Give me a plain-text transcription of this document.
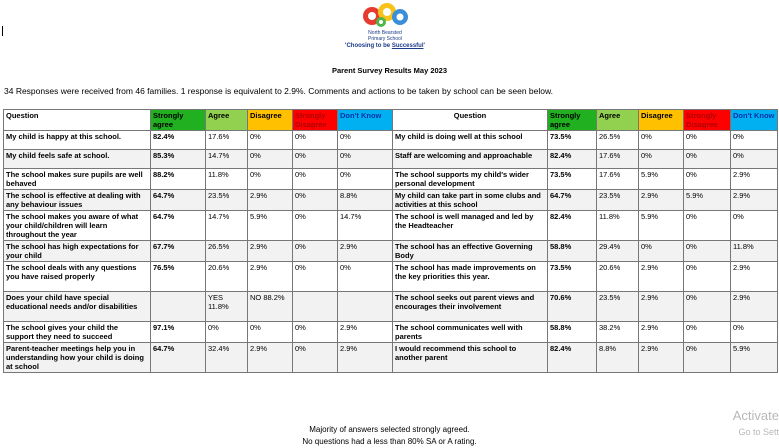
North Bearsted
Primary School
'Choosing to be Successful'
Parent Survey Results May 2023
34 Responses were received from 46 families. 1 response is equivalent to 2.9%. Comments and actions to be taken by school can be seen below.
Question	Strongly agree	Agree	Disagree	Strongly Disagree	Don't Know	Question	Strongly agree	Agree	Disagree	Strongly Disagree	Don't Know
My child is happy at this school.	82.4%	17.6%	0%	0%	0%	My child is doing well at this school	73.5%	26.5%	0%	0%	0%
My child feels safe at school.	85.3%	14.7%	0%	0%	0%	Staff are welcoming and approachable	82.4%	17.6%	0%	0%	0%
The school makes sure pupils are well behaved	88.2%	11.8%	0%	0%	0%	The school supports my child's wider personal development	73.5%	17.6%	5.9%	0%	2.9%
The school is effective at dealing with any behaviour issues	64.7%	23.5%	2.9%	0%	8.8%	My child can take part in some clubs and activities at this school	64.7%	23.5%	2.9%	5.9%	2.9%
The school makes you aware of what your child/children will learn throughout the year	64.7%	14.7%	5.9%	0%	14.7%	The school is well managed and led by the Headteacher	82.4%	11.8%	5.9%	0%	0%
The school has high expectations for your child	67.7%	26.5%	2.9%	0%	2.9%	The school has an effective Governing Body	58.8%	29.4%	0%	0%	11.8%
The school deals with any questions you have raised properly	76.5%	20.6%	2.9%	0%	0%	The school has made improvements on the key priorities this year.	73.5%	20.6%	2.9%	0%	2.9%
Does your child have special educational needs and/or disabilities		YES 11.8%	NO 88.2%			The school seeks out parent views and encourages their involvement	70.6%	23.5%	2.9%	0%	2.9%
The school gives your child the support they need to succeed	97.1%	0%	0%	0%	2.9%	The school communicates well with parents	58.8%	38.2%	2.9%	0%	0%
Parent-teacher meetings help you in understanding how your child is doing at school	64.7%	32.4%	2.9%	0%	2.9%	I would recommend this school to another parent	82.4%	8.8%	2.9%	0%	5.9%
Majority of answers selected strongly agreed.
No questions had a less than 80% SA or A rating.
Activate
Go to Sett
